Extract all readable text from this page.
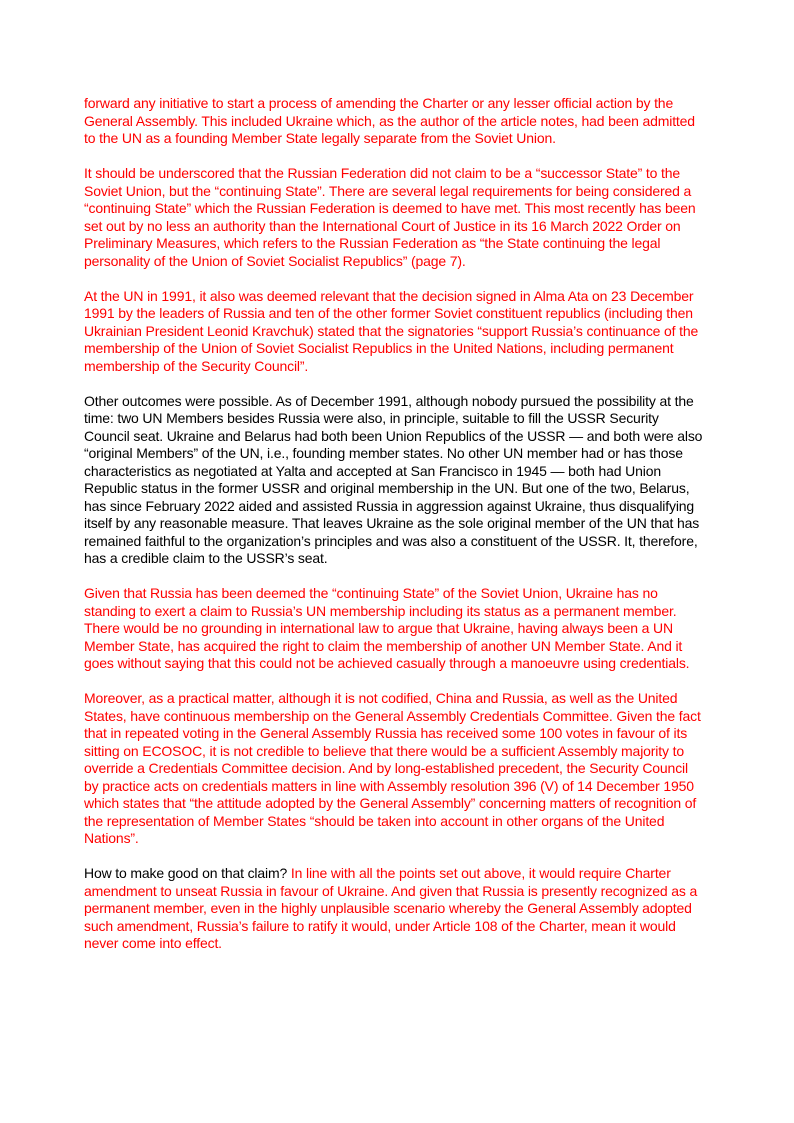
forward any initiative to start a process of amending the Charter or any lesser official action by the General Assembly. This included Ukraine which, as the author of the article notes, had been admitted to the UN as a founding Member State legally separate from the Soviet Union.

It should be underscored that the Russian Federation did not claim to be a “successor State” to the Soviet Union, but the “continuing State”. There are several legal requirements for being considered a “continuing State” which the Russian Federation is deemed to have met. This most recently has been set out by no less an authority than the International Court of Justice in its 16 March 2022 Order on Preliminary Measures, which refers to the Russian Federation as “the State continuing the legal personality of the Union of Soviet Socialist Republics” (page 7).

At the UN in 1991, it also was deemed relevant that the decision signed in Alma Ata on 23 December 1991 by the leaders of Russia and ten of the other former Soviet constituent republics (including then Ukrainian President Leonid Kravchuk) stated that the signatories “support Russia’s continuance of the membership of the Union of Soviet Socialist Republics in the United Nations, including permanent membership of the Security Council”.

Other outcomes were possible. As of December 1991, although nobody pursued the possibility at the time: two UN Members besides Russia were also, in principle, suitable to fill the USSR Security Council seat. Ukraine and Belarus had both been Union Republics of the USSR — and both were also “original Members” of the UN, i.e., founding member states. No other UN member had or has those characteristics as negotiated at Yalta and accepted at San Francisco in 1945 — both had Union Republic status in the former USSR and original membership in the UN. But one of the two, Belarus, has since February 2022 aided and assisted Russia in aggression against Ukraine, thus disqualifying itself by any reasonable measure. That leaves Ukraine as the sole original member of the UN that has remained faithful to the organization’s principles and was also a constituent of the USSR. It, therefore, has a credible claim to the USSR’s seat.

Given that Russia has been deemed the “continuing State” of the Soviet Union, Ukraine has no standing to exert a claim to Russia’s UN membership including its status as a permanent member. There would be no grounding in international law to argue that Ukraine, having always been a UN Member State, has acquired the right to claim the membership of another UN Member State. And it goes without saying that this could not be achieved casually through a manoeuvre using credentials.

Moreover, as a practical matter, although it is not codified, China and Russia, as well as the United States, have continuous membership on the General Assembly Credentials Committee. Given the fact that in repeated voting in the General Assembly Russia has received some 100 votes in favour of its sitting on ECOSOC, it is not credible to believe that there would be a sufficient Assembly majority to override a Credentials Committee decision. And by long-established precedent, the Security Council by practice acts on credentials matters in line with Assembly resolution 396 (V) of 14 December 1950 which states that “the attitude adopted by the General Assembly” concerning matters of recognition of the representation of Member States “should be taken into account in other organs of the United Nations”.

How to make good on that claim? In line with all the points set out above, it would require Charter amendment to unseat Russia in favour of Ukraine. And given that Russia is presently recognized as a permanent member, even in the highly unplausible scenario whereby the General Assembly adopted such amendment, Russia’s failure to ratify it would, under Article 108 of the Charter, mean it would never come into effect.
